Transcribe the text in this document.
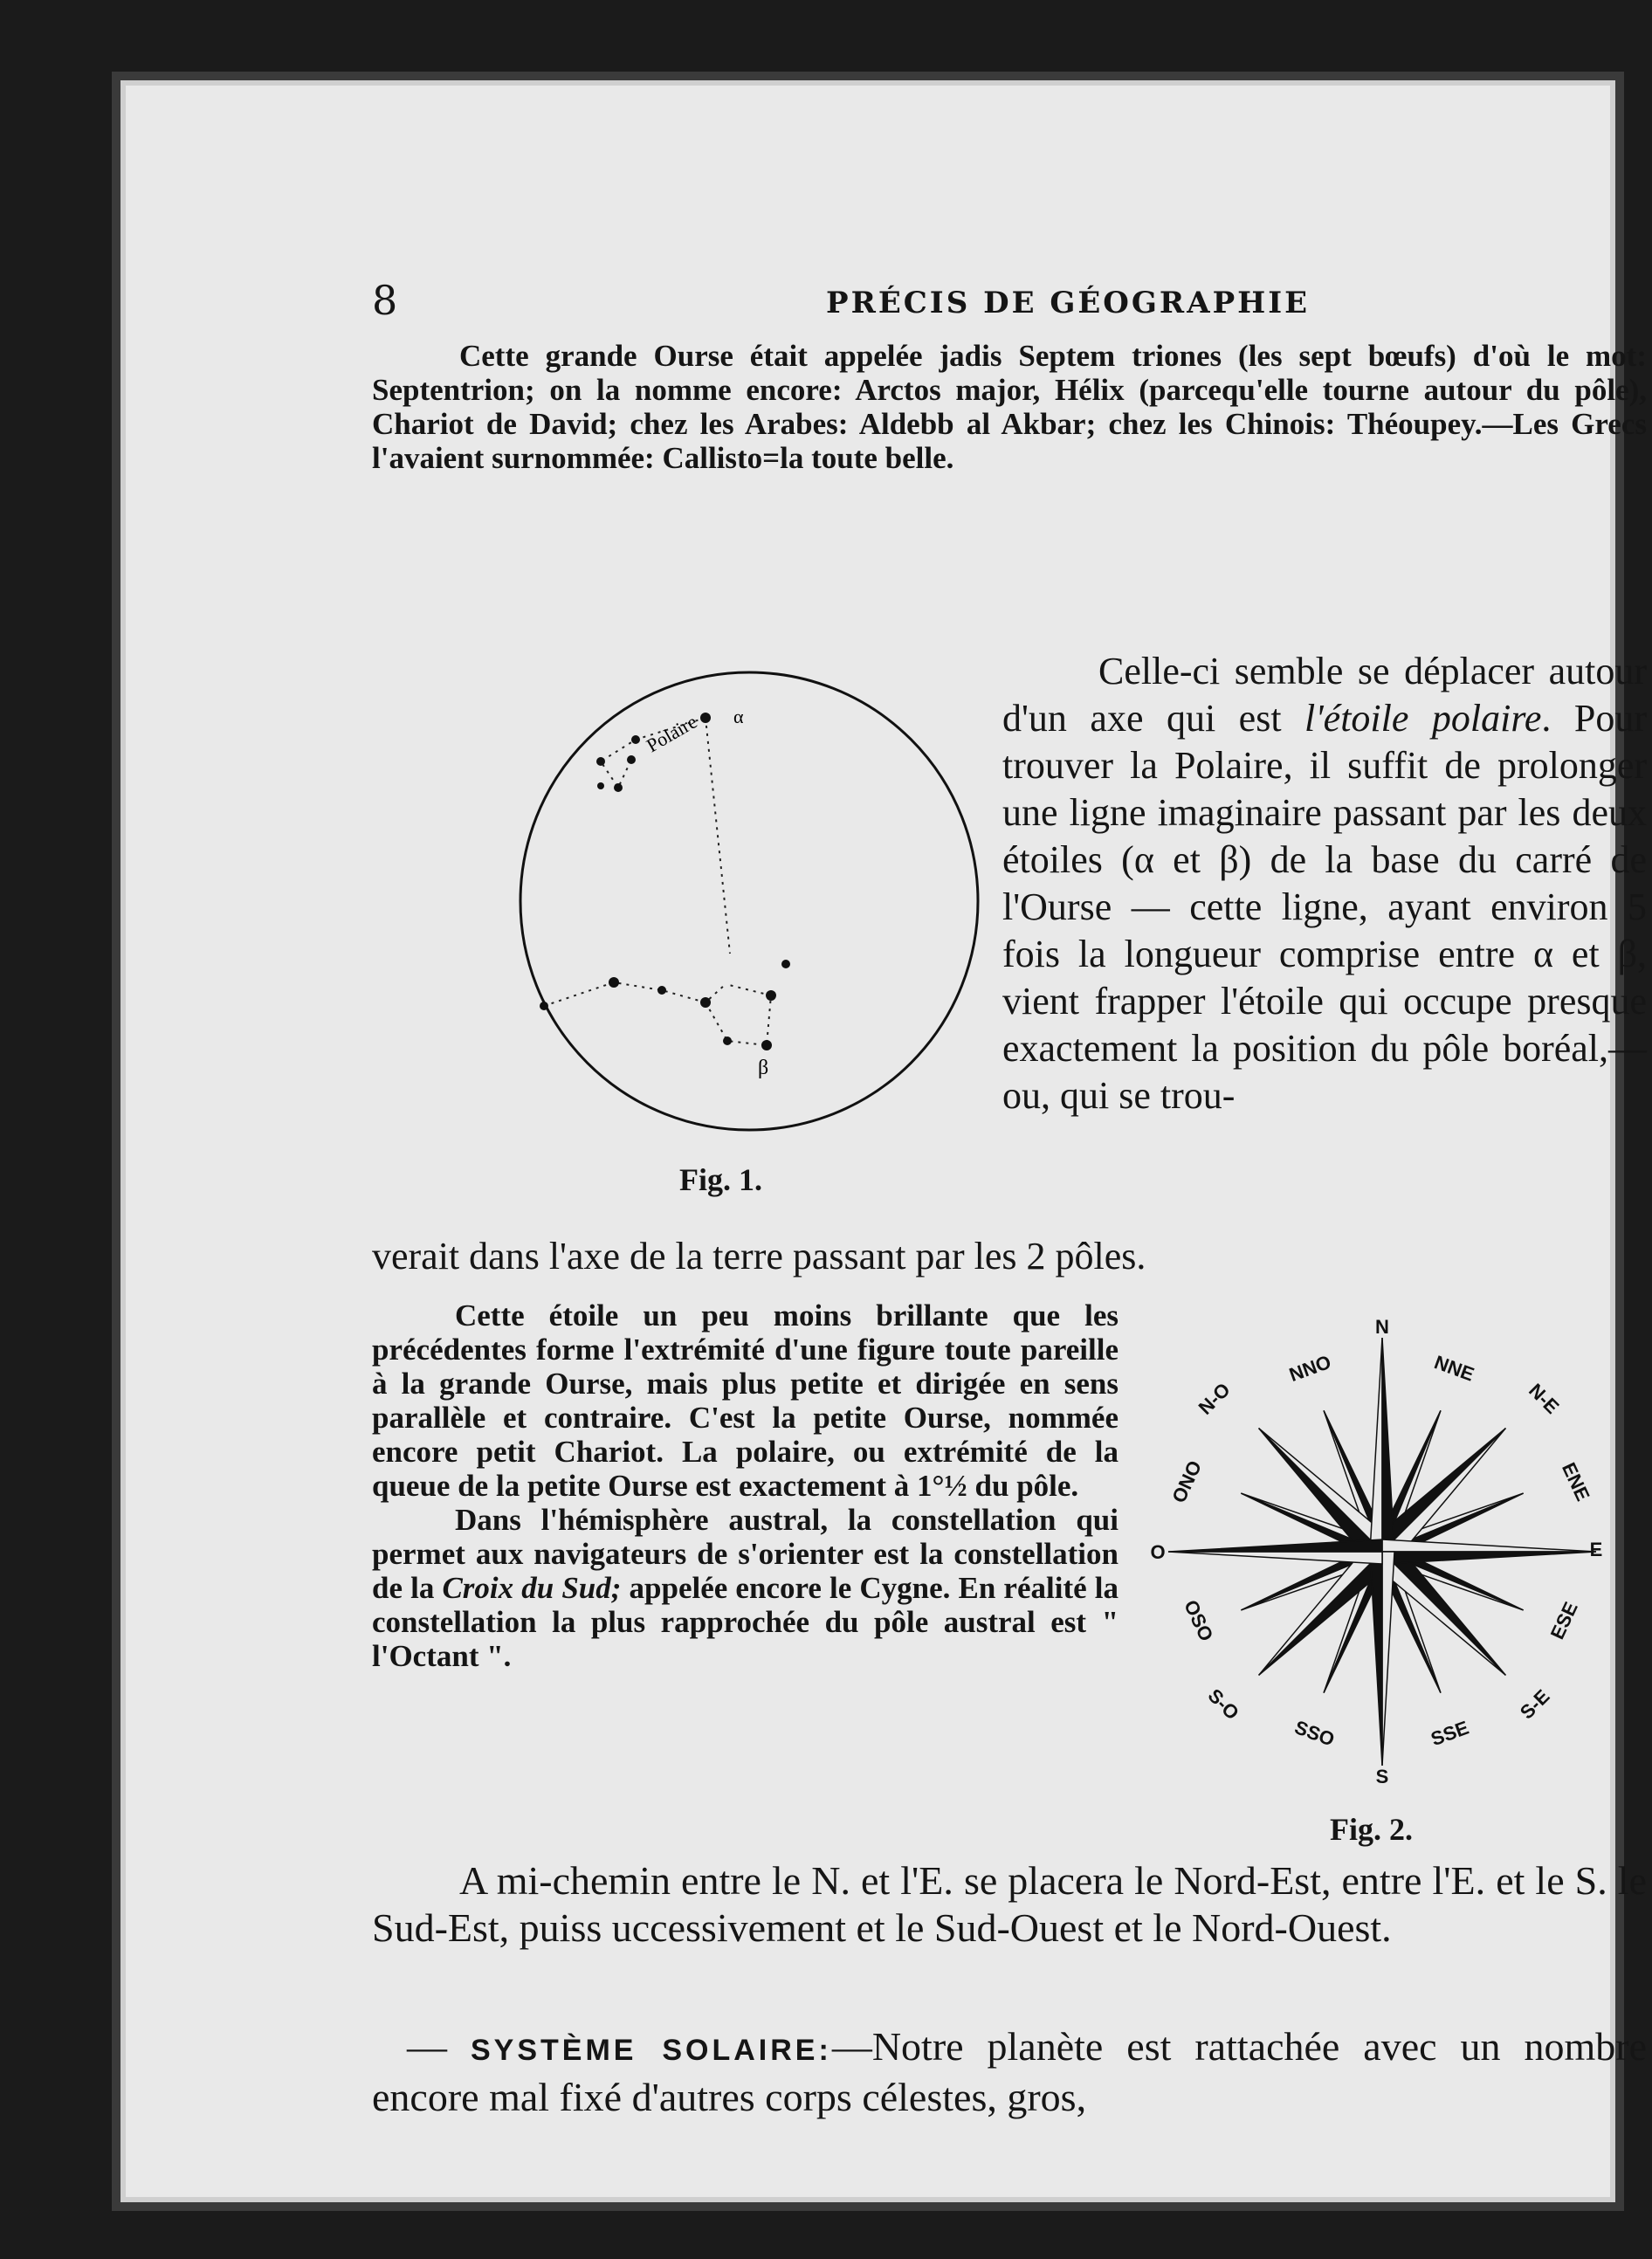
8	PRÉCIS DE GÉOGRAPHIE
Cette grande Ourse était appelée jadis Septem triones (les sept bœufs) d'où le mot: Septentrion; on la nomme encore: Arctos major, Hélix (parcequ'elle tourne autour du pôle), Chariot de David; chez les Arabes: Aldebb al Akbar; chez les Chinois: Théoupey.—Les Grecs l'avaient surnommée: Callisto=la toute belle.
Polaire α
β
Fig. 1.
Celle-ci semble se déplacer autour d'un axe qui est l'étoile polaire. Pour trouver la Polaire, il suffit de prolonger une ligne imaginaire passant par les deux étoiles (α et β) de la base du carré de l'Ourse — cette ligne, ayant environ 5 fois la longueur comprise entre α et β, vient frapper l'étoile qui occupe presque exactement la position du pôle boréal,—ou, qui se trou-
verait dans l'axe de la terre passant par les 2 pôles.

Cette étoile un peu moins brillante que les précédentes forme l'extrémité d'une figure toute pareille à la grande Ourse, mais plus petite et dirigée en sens parallèle et contraire. C'est la petite Ourse, nommée encore petit Chariot. La polaire, ou extrémité de la queue de la petite Ourse est exactement à 1°½ du pôle.

Dans l'hémisphère austral, la constellation qui permet aux navigateurs de s'orienter est la constellation de la Croix du Sud; appelée encore le Cygne. En réalité la constellation la plus rapprochée du pôle austral est " l'Octant ".

N
S
E
O
N-O
NNO	NNE
N-E
ENE
ESE
S-E
SSE
SSO
S-O
OSO
ONO
Fig. 2.
A mi-chemin entre le N. et l'E. se placera le Nord-Est, entre l'E. et le S. le Sud-Est, puiss uccessivement et le Sud-Ouest et le Nord-Ouest.
— SYSTÈME SOLAIRE:—Notre planète est rattachée avec un nombre encore mal fixé d'autres corps célestes, gros,
